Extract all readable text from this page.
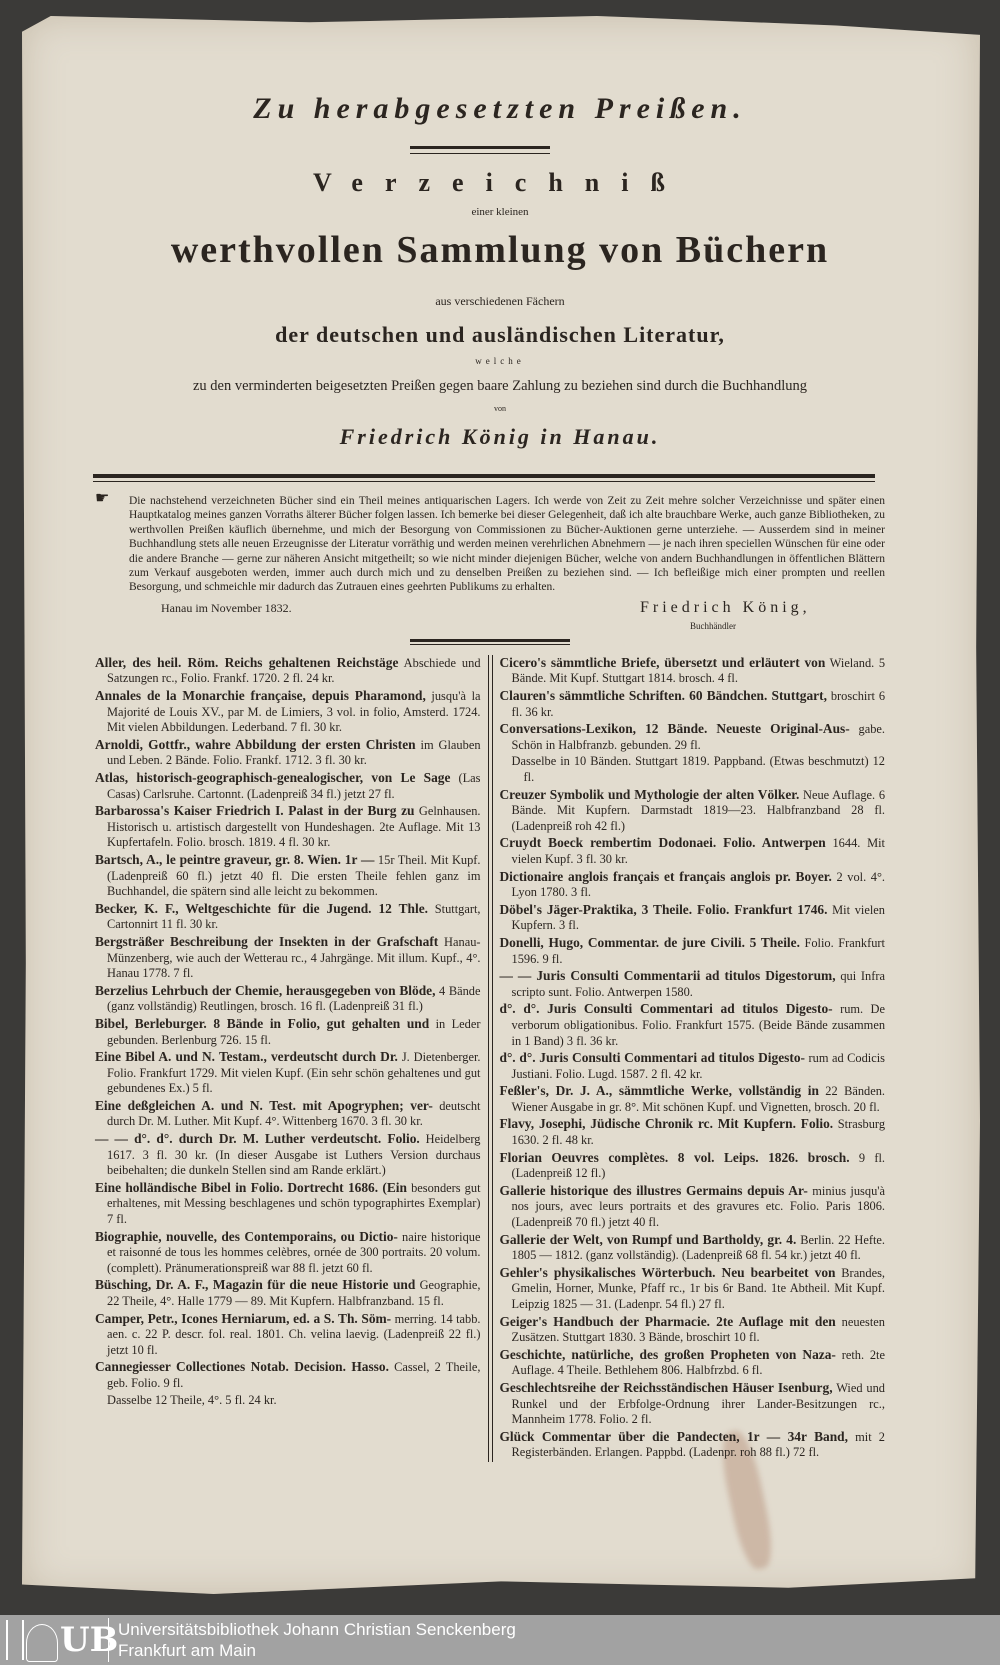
Zu herabgesetzten Preißen.
Verzeichniß
einer kleinen
werthvollen Sammlung von Büchern
aus verschiedenen Fächern
der deutschen und ausländischen Literatur,
welche
zu den verminderten beigesetzten Preißen gegen baare Zahlung zu beziehen sind durch die Buchhandlung
von
Friedrich König in Hanau.
☛ Die nachstehend verzeichneten Bücher sind ein Theil meines antiquarischen Lagers. Ich werde von Zeit zu Zeit mehre solcher Verzeichnisse und später einen Hauptkatalog meines ganzen Vorraths älterer Bücher folgen lassen. Ich bemerke bei dieser Gelegenheit, daß ich alte brauchbare Werke, auch ganze Bibliotheken, zu werthvollen Preißen käuflich übernehme, und mich der Besorgung von Commissionen zu Bücher-Auktionen gerne unterziehe. — Ausserdem sind in meiner Buchhandlung stets alle neuen Erzeugnisse der Literatur vorräthig und werden meinen verehrlichen Abnehmern — je nach ihren speciellen Wünschen für eine oder die andere Branche — gerne zur näheren Ansicht mitgetheilt; so wie nicht minder diejenigen Bücher, welche von andern Buchhandlungen in öffentlichen Blättern zum Verkauf ausgeboten werden, immer auch durch mich und zu denselben Preißen zu beziehen sind. — Ich befleißige mich einer prompten und reellen Besorgung, und schmeichle mir dadurch das Zutrauen eines geehrten Publikums zu erhalten.

Hanau im November 1832.	Friedrich König,
Buchhändler

Aller, des heil. Röm. Reichs gehaltenen Reichstäge Abschiede und Satzungen rc., Folio. Frankf. 1720. 2 fl. 24 kr.

Annales de la Monarchie française, depuis Pharamond, jusqu'à la Majorité de Louis XV., par M. de Limiers, 3 vol. in folio, Amsterd. 1724. Mit vielen Abbildungen. Lederband. 7 fl. 30 kr.

Arnoldi, Gottfr., wahre Abbildung der ersten Christen im Glauben und Leben. 2 Bände. Folio. Frankf. 1712. 3 fl. 30 kr.

Atlas, historisch-geographisch-genealogischer, von Le Sage (Las Casas) Carlsruhe. Cartonnt. (Ladenpreiß 34 fl.) jetzt 27 fl.

Barbarossa's Kaiser Friedrich I. Palast in der Burg zu Gelnhausen. Historisch u. artistisch dargestellt von Hundeshagen. 2te Auflage. Mit 13 Kupfertafeln. Folio. brosch. 1819. 4 fl. 30 kr.

Bartsch, A., le peintre graveur, gr. 8. Wien. 1r — 15r Theil. Mit Kupf. (Ladenpreiß 60 fl.) jetzt 40 fl. Die ersten Theile fehlen ganz im Buchhandel, die spätern sind alle leicht zu bekommen.

Becker, K. F., Weltgeschichte für die Jugend. 12 Thle. Stuttgart, Cartonnirt 11 fl. 30 kr.

Bergsträßer Beschreibung der Insekten in der Grafschaft Hanau-Münzenberg, wie auch der Wetterau rc., 4 Jahrgänge. Mit illum. Kupf., 4°. Hanau 1778. 7 fl.

Berzelius Lehrbuch der Chemie, herausgegeben von Blöde, 4 Bände (ganz vollständig) Reutlingen, brosch. 16 fl. (Ladenpreiß 31 fl.)

Bibel, Berleburger. 8 Bände in Folio, gut gehalten und in Leder gebunden. Berlenburg 726. 15 fl.

Eine Bibel A. und N. Testam., verdeutscht durch Dr. J. Dietenberger. Folio. Frankfurt 1729. Mit vielen Kupf. (Ein sehr schön gehaltenes und gut gebundenes Ex.) 5 fl.

Eine deßgleichen A. und N. Test. mit Apogryphen; ver- deutscht durch Dr. M. Luther. Mit Kupf. 4°. Wittenberg 1670. 3 fl. 30 kr.

— — d°. d°. durch Dr. M. Luther verdeutscht. Folio. Heidelberg 1617. 3 fl. 30 kr. (In dieser Ausgabe ist Luthers Version durchaus beibehalten; die dunkeln Stellen sind am Rande erklärt.)

Eine holländische Bibel in Folio. Dortrecht 1686. (Ein besonders gut erhaltenes, mit Messing beschlagenes und schön typographirtes Exemplar) 7 fl.

Biographie, nouvelle, des Contemporains, ou Dictio- naire historique et raisonné de tous les hommes celèbres, ornée de 300 portraits. 20 volum. (complett). Pränumerationspreiß war 88 fl. jetzt 60 fl.

Büsching, Dr. A. F., Magazin für die neue Historie und Geographie, 22 Theile, 4°. Halle 1779 — 89. Mit Kupfern. Halbfranzband. 15 fl.

Camper, Petr., Icones Herniarum, ed. a S. Th. Söm- merring. 14 tabb. aen. c. 22 P. descr. fol. real. 1801. Ch. velina laevig. (Ladenpreiß 22 fl.) jetzt 10 fl.

Cannegiesser Collectiones Notab. Decision. Hasso. Cassel, 2 Theile, geb. Folio. 9 fl.

Dasselbe 12 Theile, 4°. 5 fl. 24 kr.

Cicero's sämmtliche Briefe, übersetzt und erläutert von Wieland. 5 Bände. Mit Kupf. Stuttgart 1814. brosch. 4 fl.

Clauren's sämmtliche Schriften. 60 Bändchen. Stuttgart, broschirt 6 fl. 36 kr.

Conversations-Lexikon, 12 Bände. Neueste Original-Aus- gabe. Schön in Halbfranzb. gebunden. 29 fl.

Dasselbe in 10 Bänden. Stuttgart 1819. Pappband. (Etwas beschmutzt) 12 fl.

Creuzer Symbolik und Mythologie der alten Völker. Neue Auflage. 6 Bände. Mit Kupfern. Darmstadt 1819—23. Halbfranzband 28 fl. (Ladenpreiß roh 42 fl.)

Cruydt Boeck rembertim Dodonaei. Folio. Antwerpen 1644. Mit vielen Kupf. 3 fl. 30 kr.

Dictionaire anglois français et français anglois pr. Boyer. 2 vol. 4°. Lyon 1780. 3 fl.

Döbel's Jäger-Praktika, 3 Theile. Folio. Frankfurt 1746. Mit vielen Kupfern. 3 fl.

Donelli, Hugo, Commentar. de jure Civili. 5 Theile. Folio. Frankfurt 1596. 9 fl.

— — Juris Consulti Commentarii ad titulos Digestorum, qui Infra scripto sunt. Folio. Antwerpen 1580.

d°. d°. Juris Consulti Commentari ad titulos Digesto- rum. De verborum obligationibus. Folio. Frankfurt 1575. (Beide Bände zusammen in 1 Band) 3 fl. 36 kr.

d°. d°. Juris Consulti Commentari ad titulos Digesto- rum ad Codicis Justiani. Folio. Lugd. 1587. 2 fl. 42 kr.

Feßler's, Dr. J. A., sämmtliche Werke, vollständig in 22 Bänden. Wiener Ausgabe in gr. 8°. Mit schönen Kupf. und Vignetten, brosch. 20 fl.

Flavy, Josephi, Jüdische Chronik rc. Mit Kupfern. Folio. Strasburg 1630. 2 fl. 48 kr.

Florian Oeuvres complètes. 8 vol. Leips. 1826. brosch. 9 fl. (Ladenpreiß 12 fl.)

Gallerie historique des illustres Germains depuis Ar- minius jusqu'à nos jours, avec leurs portraits et des gravures etc. Folio. Paris 1806. (Ladenpreiß 70 fl.) jetzt 40 fl.

Gallerie der Welt, von Rumpf und Bartholdy, gr. 4. Berlin. 22 Hefte. 1805 — 1812. (ganz vollständig). (Ladenpreiß 68 fl. 54 kr.) jetzt 40 fl.

Gehler's physikalisches Wörterbuch. Neu bearbeitet von Brandes, Gmelin, Horner, Munke, Pfaff rc., 1r bis 6r Band. 1te Abtheil. Mit Kupf. Leipzig 1825 — 31. (Ladenpr. 54 fl.) 27 fl.

Geiger's Handbuch der Pharmacie. 2te Auflage mit den neuesten Zusätzen. Stuttgart 1830. 3 Bände, broschirt 10 fl.

Geschichte, natürliche, des großen Propheten von Naza- reth. 2te Auflage. 4 Theile. Bethlehem 806. Halbfrzbd. 6 fl.

Geschlechtsreihe der Reichsständischen Häuser Isenburg, Wied und Runkel und der Erbfolge-Ordnung ihrer Lander-Besitzungen rc., Mannheim 1778. Folio. 2 fl.

Glück Commentar über die Pandecten, 1r — 34r Band, mit 2 Registerbänden. Erlangen. Pappbd. (Ladenpr. roh 88 fl.) 72 fl.

UB Universitätsbibliothek Johann Christian Senckenberg
Frankfurt am Main
